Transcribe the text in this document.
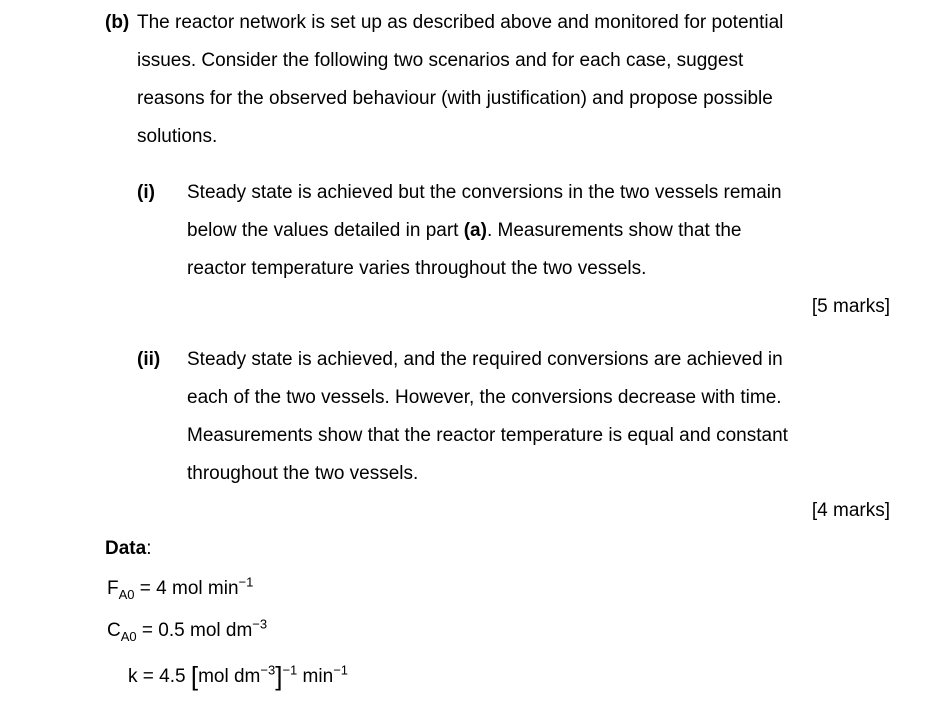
(b) The reactor network is set up as described above and monitored for potential
issues. Consider the following two scenarios and for each case, suggest
reasons for the observed behaviour (with justification) and propose possible
solutions.
(i) Steady state is achieved but the conversions in the two vessels remain
below the values detailed in part (a). Measurements show that the
reactor temperature varies throughout the two vessels.
[5 marks]
(ii) Steady state is achieved, and the required conversions are achieved in
each of the two vessels. However, the conversions decrease with time.
Measurements show that the reactor temperature is equal and constant
throughout the two vessels.
[4 marks]
Data:
$F_{A0} = 4$ mol $\min^{-1}$
$C_{A0} = 0.5$ mol $dm^{-3}$
k = 4.5 [mol $dm^{-3}]^{-1}$ $\min^{-1}$
